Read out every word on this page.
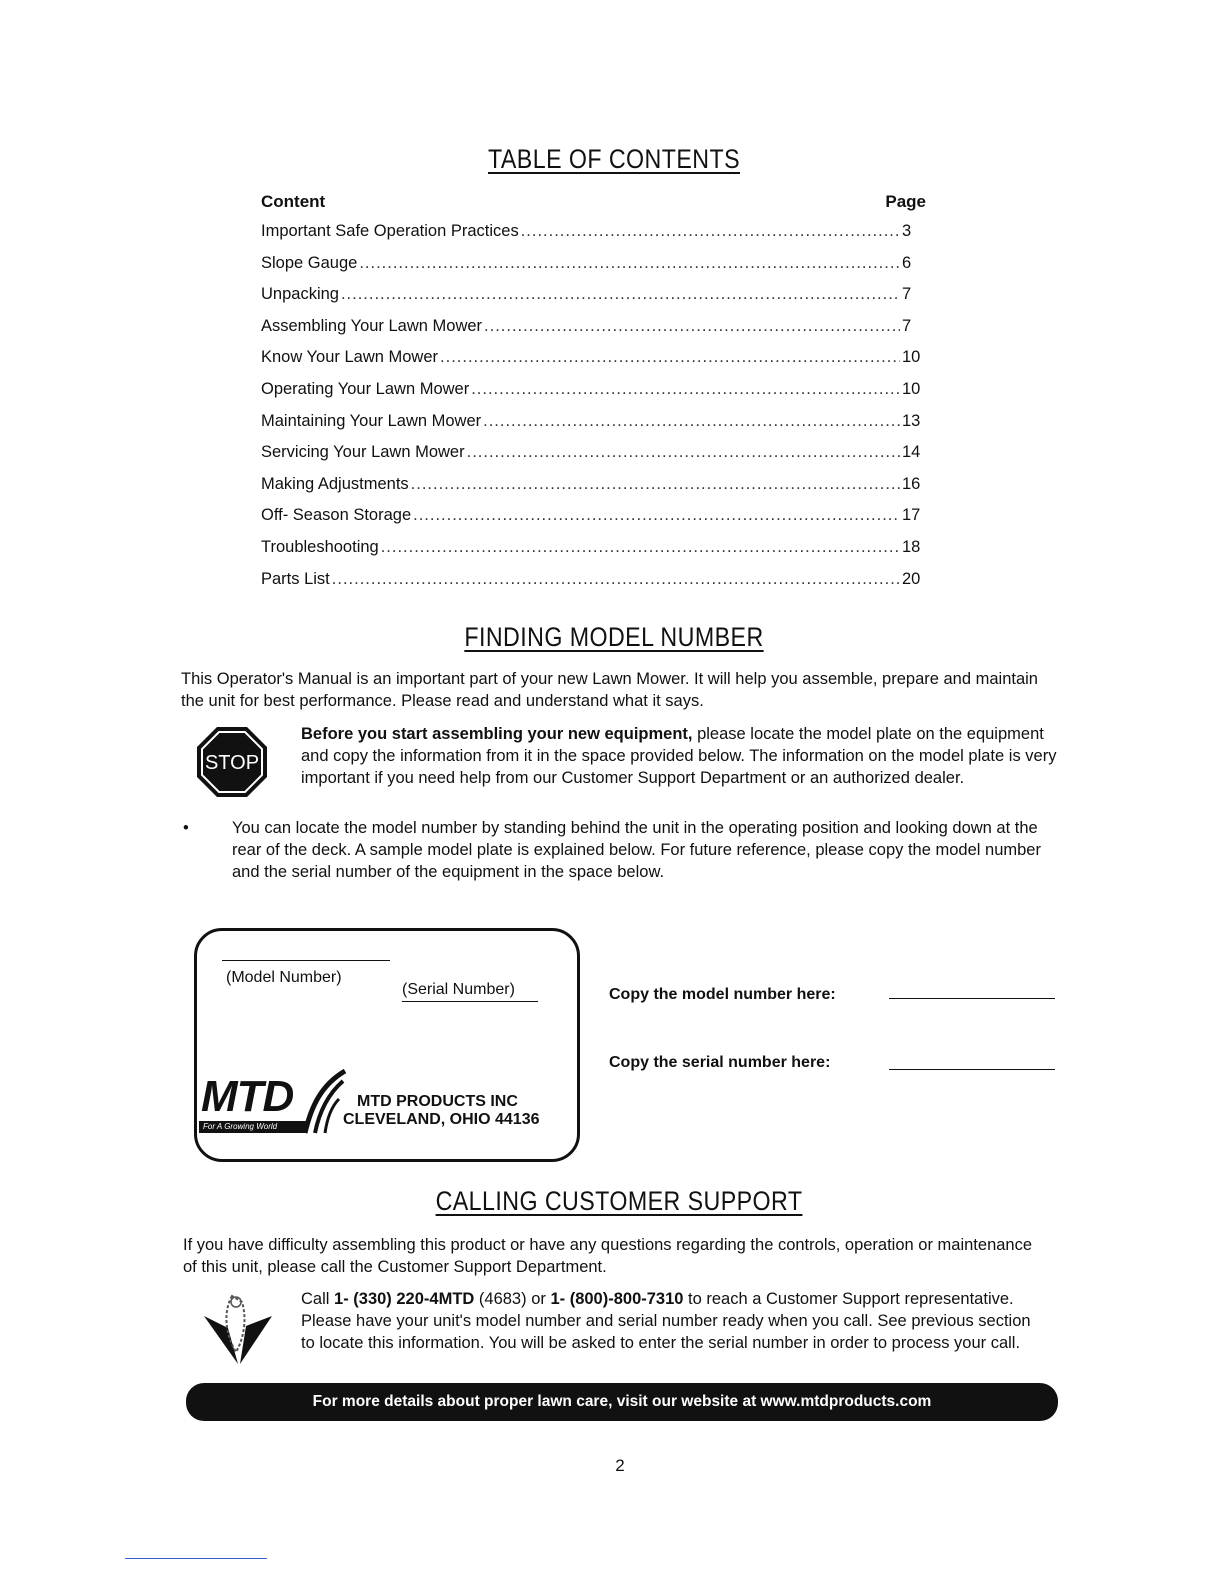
TABLE OF CONTENTS
Content	Page
Important Safe Operation Practices .....	3
Slope Gauge .....	6
Unpacking .....	7
Assembling Your Lawn Mower .....	7
Know Your Lawn Mower .....	10
Operating Your Lawn Mower .....	10
Maintaining Your Lawn Mower .....	13
Servicing Your Lawn Mower .....	14
Making Adjustments .....	16
Off- Season Storage .....	17
Troubleshooting .....	18
Parts List .....	20
FINDING MODEL NUMBER
This Operator's Manual is an important part of your new Lawn Mower. It will help you assemble, prepare and maintain the unit for best performance. Please read and understand what it says.
STOP
Before you start assembling your new equipment, please locate the model plate on the equipment and copy the information from it in the space provided below. The information on the model plate is very important if you need help from our Customer Support Department or an authorized dealer.
•	You can locate the model number by standing behind the unit in the operating position and looking down at the rear of the deck. A sample model plate is explained below. For future reference, please copy the model number and the serial number of the equipment in the space below.
(Model Number)
(Serial Number)
MTD
For A Growing World
MTD PRODUCTS INC
CLEVELAND, OHIO 44136
Copy the model number here:
Copy the serial number here:
CALLING CUSTOMER SUPPORT
If you have difficulty assembling this product or have any questions regarding the controls, operation or maintenance of this unit, please call the Customer Support Department.
Call 1- (330) 220-4MTD (4683) or 1- (800)-800-7310 to reach a Customer Support representative. Please have your unit's model number and serial number ready when you call. See previous section to locate this information. You will be asked to enter the serial number in order to process your call.
For more details about proper lawn care, visit our website at www.mtdproducts.com
2
